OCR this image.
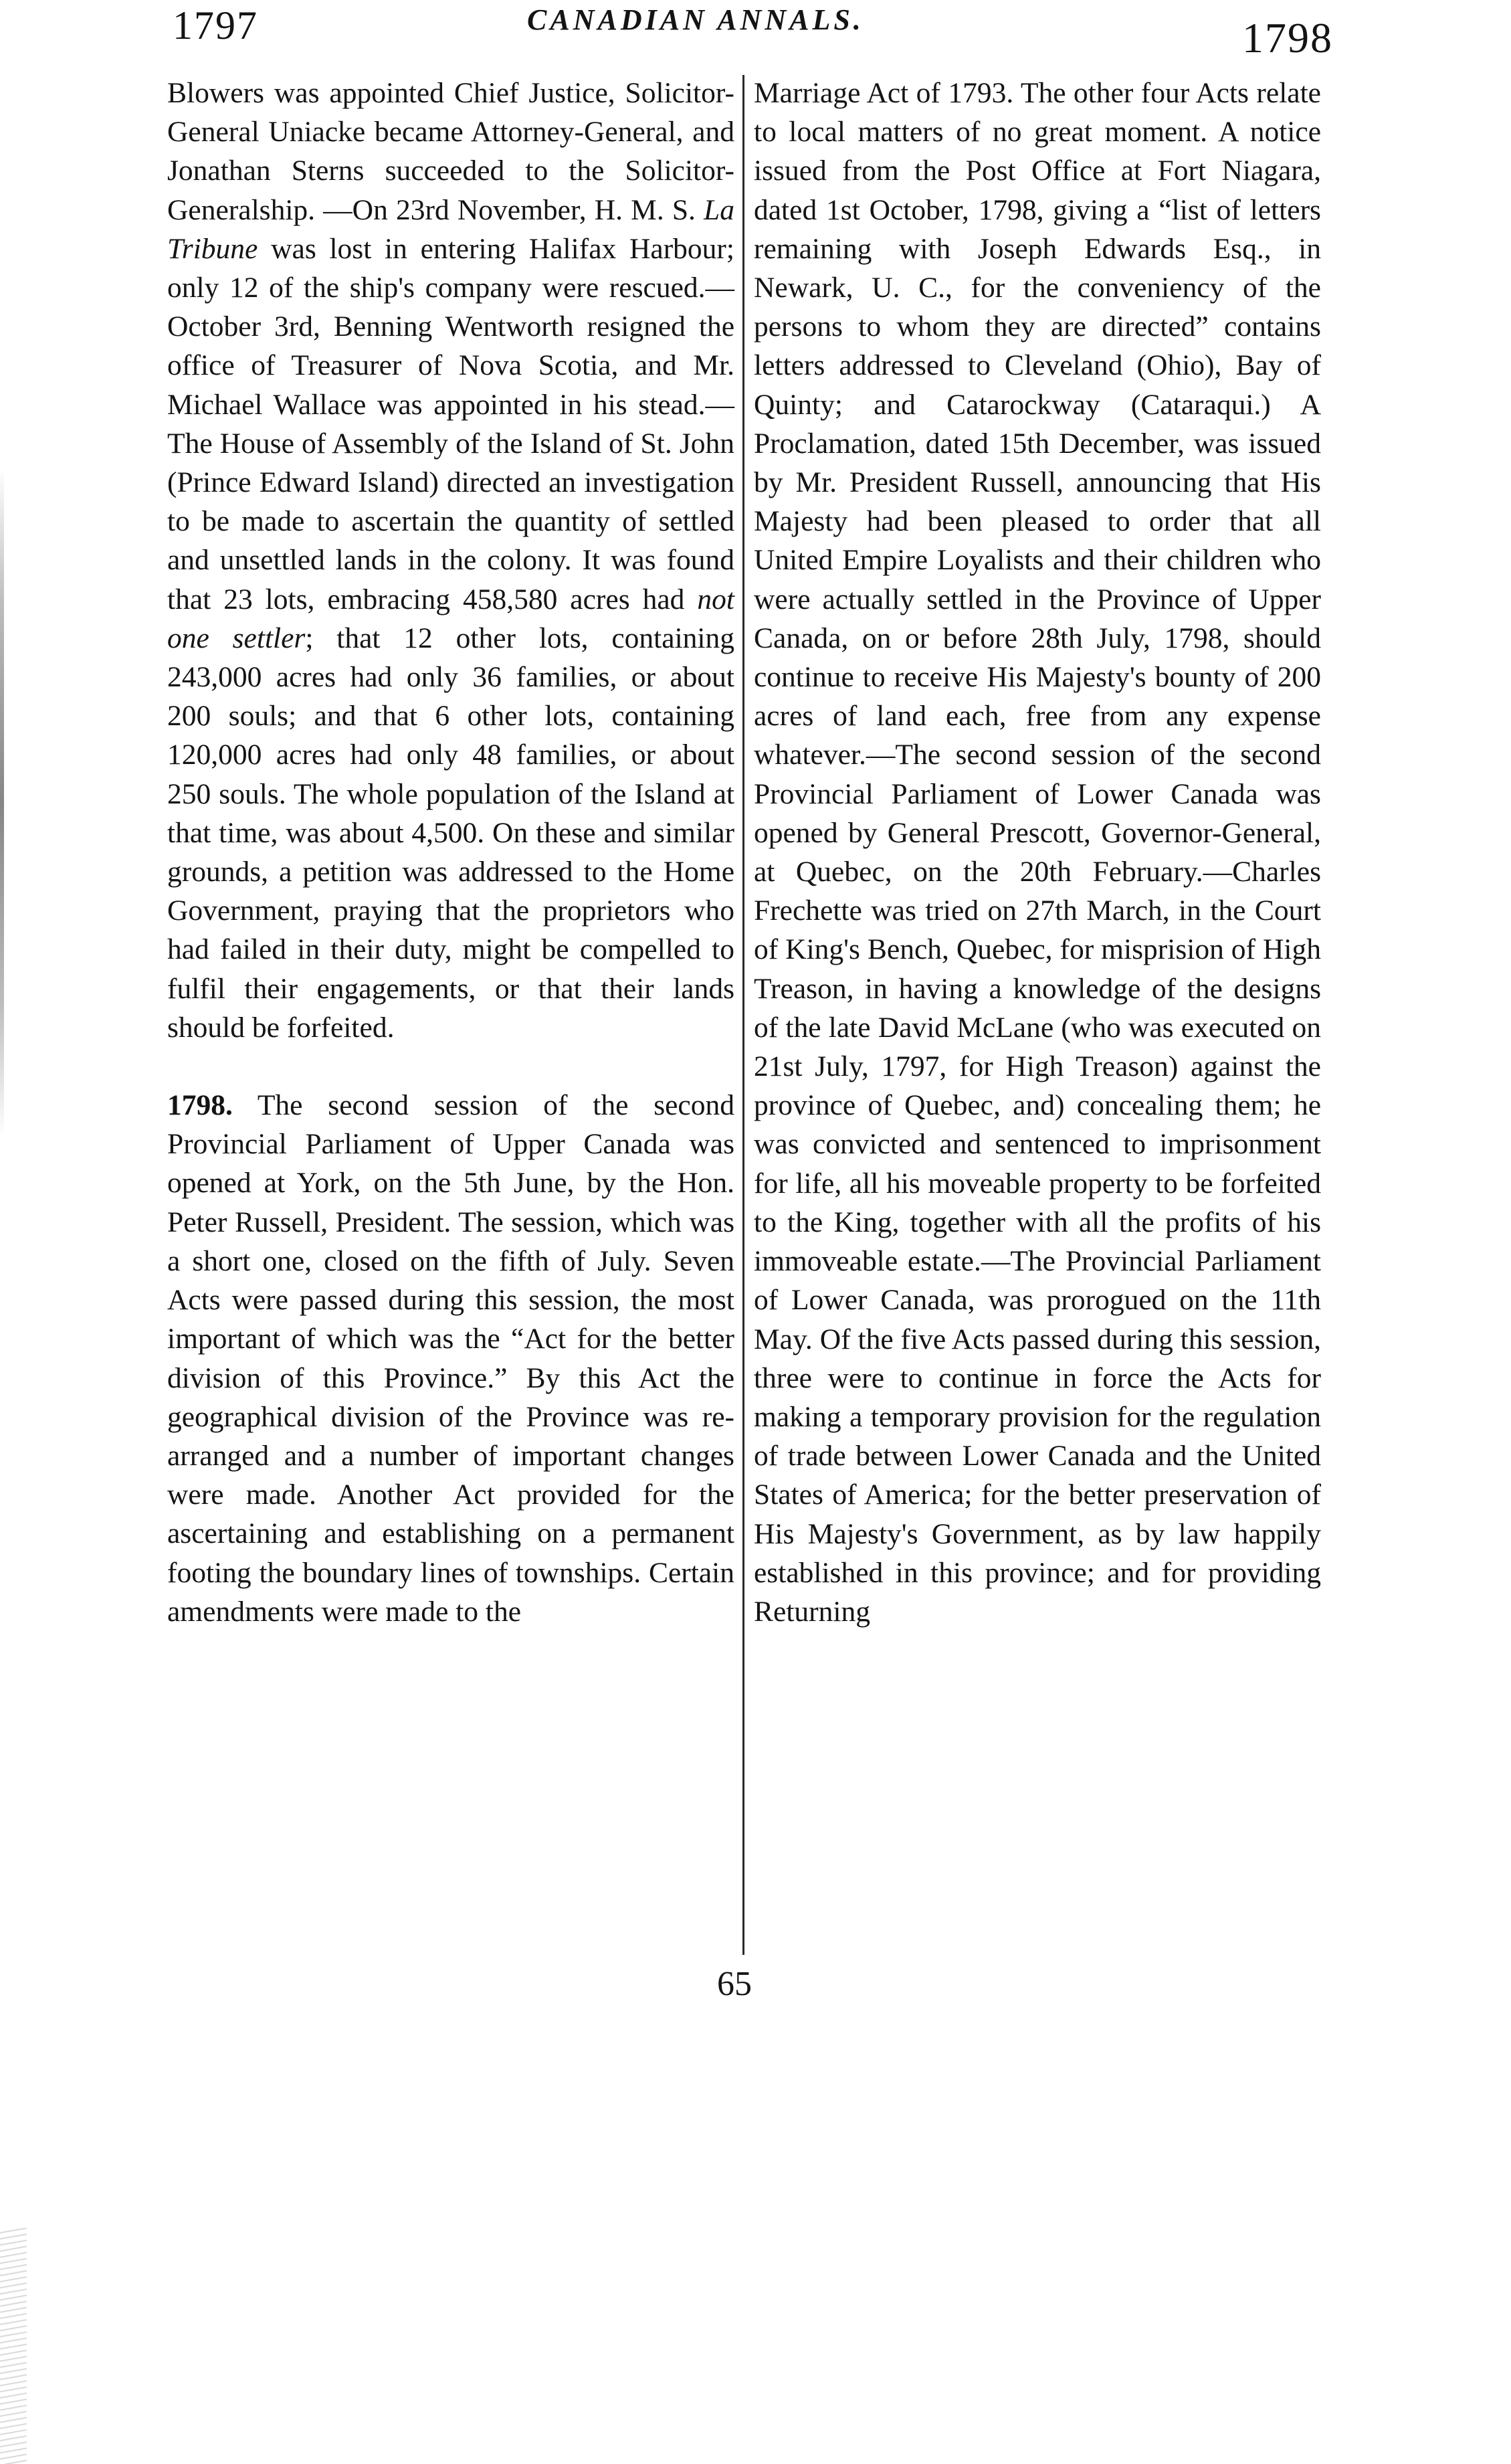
1797	CANADIAN ANNALS.	1798

Blowers was appointed Chief Justice, Solicitor-General Uniacke became Attorney-General, and Jonathan Sterns succeeded to the Solicitor-Generalship. —On 23rd November, H. M. S. La Tribune was lost in entering Halifax Harbour; only 12 of the ship's company were rescued.—October 3rd, Benning Wentworth resigned the office of Treasurer of Nova Scotia, and Mr. Michael Wallace was appointed in his stead.— The House of Assembly of the Island of St. John (Prince Edward Island) directed an investigation to be made to ascertain the quantity of settled and unsettled lands in the colony. It was found that 23 lots, embracing 458,580 acres had not one settler; that 12 other lots, containing 243,000 acres had only 36 families, or about 200 souls; and that 6 other lots, containing 120,000 acres had only 48 families, or about 250 souls. The whole population of the Island at that time, was about 4,500. On these and similar grounds, a petition was addressed to the Home Government, praying that the proprietors who had failed in their duty, might be compelled to fulfil their engagements, or that their lands should be forfeited.

1798. The second session of the second Provincial Parliament of Upper Canada was opened at York, on the 5th June, by the Hon. Peter Russell, President. The session, which was a short one, closed on the fifth of July. Seven Acts were passed during this session, the most important of which was the “Act for the better division of this Province.” By this Act the geographical division of the Province was re-arranged and a number of important changes were made. Another Act provided for the ascertaining and establishing on a permanent footing the boundary lines of townships. Certain amendments were made to the

Marriage Act of 1793. The other four Acts relate to local matters of no great moment. A notice issued from the Post Office at Fort Niagara, dated 1st October, 1798, giving a “list of letters remaining with Joseph Edwards Esq., in Newark, U. C., for the conveniency of the persons to whom they are directed” contains letters addressed to Cleveland (Ohio), Bay of Quinty; and Catarockway (Cataraqui.) A Proclamation, dated 15th December, was issued by Mr. President Russell, announcing that His Majesty had been pleased to order that all United Empire Loyalists and their children who were actually settled in the Province of Upper Canada, on or before 28th July, 1798, should continue to receive His Majesty's bounty of 200 acres of land each, free from any expense whatever.—The second session of the second Provincial Parliament of Lower Canada was opened by General Prescott, Governor-General, at Quebec, on the 20th February.—Charles Frechette was tried on 27th March, in the Court of King's Bench, Quebec, for misprision of High Treason, in having a knowledge of the designs of the late David McLane (who was executed on 21st July, 1797, for High Treason) against the province of Quebec, and) concealing them; he was convicted and sentenced to imprisonment for life, all his moveable property to be forfeited to the King, together with all the profits of his immoveable estate.—The Provincial Parliament of Lower Canada, was prorogued on the 11th May. Of the five Acts passed during this session, three were to continue in force the Acts for making a temporary provision for the regulation of trade between Lower Canada and the United States of America; for the better preservation of His Majesty's Government, as by law happily established in this province; and for providing Returning

65
